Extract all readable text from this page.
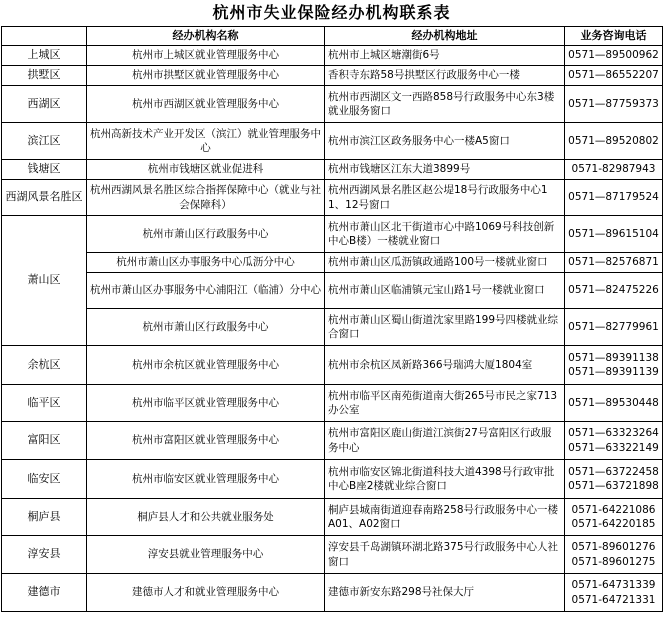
杭州市失业保险经办机构联系表
	经办机构名称	经办机构地址	业务咨询电话
上城区	杭州市上城区就业管理服务中心	杭州市上城区塘潮街6号	0571—89500962

拱墅区	杭州市拱墅区就业管理服务中心	香积寺东路58号拱墅区行政服务中心一楼	0571—86552207

西湖区	杭州市西湖区就业管理服务中心	杭州市西湖区文一西路858号行政服务中心东3楼就业服务窗口	0571—87759373

滨江区	杭州高新技术产业开发区（滨江）就业管理服务中心	杭州市滨江区政务服务中心一楼A5窗口	0571—89520802

钱塘区	杭州市钱塘区就业促进科	杭州市钱塘区江东大道3899号	0571-82987943

西湖风景名胜区	杭州西湖风景名胜区综合指挥保障中心（就业与社会保障科）	杭州西湖风景名胜区赵公堤18号行政服务中心11、12号窗口	0571—87179524

萧山区	杭州市萧山区行政服务中心	杭州市萧山区北干街道市心中路1069号科技创新中心B楼）一楼就业窗口	0571—89615104

	杭州市萧山区办事服务中心瓜沥分中心	杭州市萧山区瓜沥镇政通路100号一楼就业窗口	0571—82576871

	杭州市萧山区办事服务中心浦阳江（临浦）分中心	杭州市萧山区临浦镇元宝山路1号一楼就业窗口	0571—82475226

	杭州市萧山区行政服务中心	杭州市萧山区蜀山街道沈家里路199号四楼就业综合窗口	0571—82779961

余杭区	杭州市余杭区就业管理服务中心	杭州市余杭区凤新路366号瑞鸿大厦1804室	0571—89391138
0571—89391139

临平区	杭州市临平区就业管理服务中心	杭州市临平区南苑街道南大街265号市民之家713办公室	0571—89530448

富阳区	杭州市富阳区就业管理服务中心	杭州市富阳区鹿山街道江滨街27号富阳区行政服务中心	0571—63323264
0571—63322149

临安区	杭州市临安区就业管理服务中心	杭州市临安区锦北街道科技大道4398号行政审批中心B座2楼就业综合窗口	0571—63722458
0571—63721898

桐庐县	桐庐县人才和公共就业服务处	桐庐县城南街道迎春南路258号行政服务中心一楼A01、A02窗口	0571-64221086
0571-64220185

淳安县	淳安县就业管理服务中心	淳安县千岛湖镇环湖北路375号行政服务中心人社窗口	0571-89601276
0571-89601275

建德市	建德市人才和就业管理服务中心	建德市新安东路298号社保大厅	0571-64731339
0571-64721331
